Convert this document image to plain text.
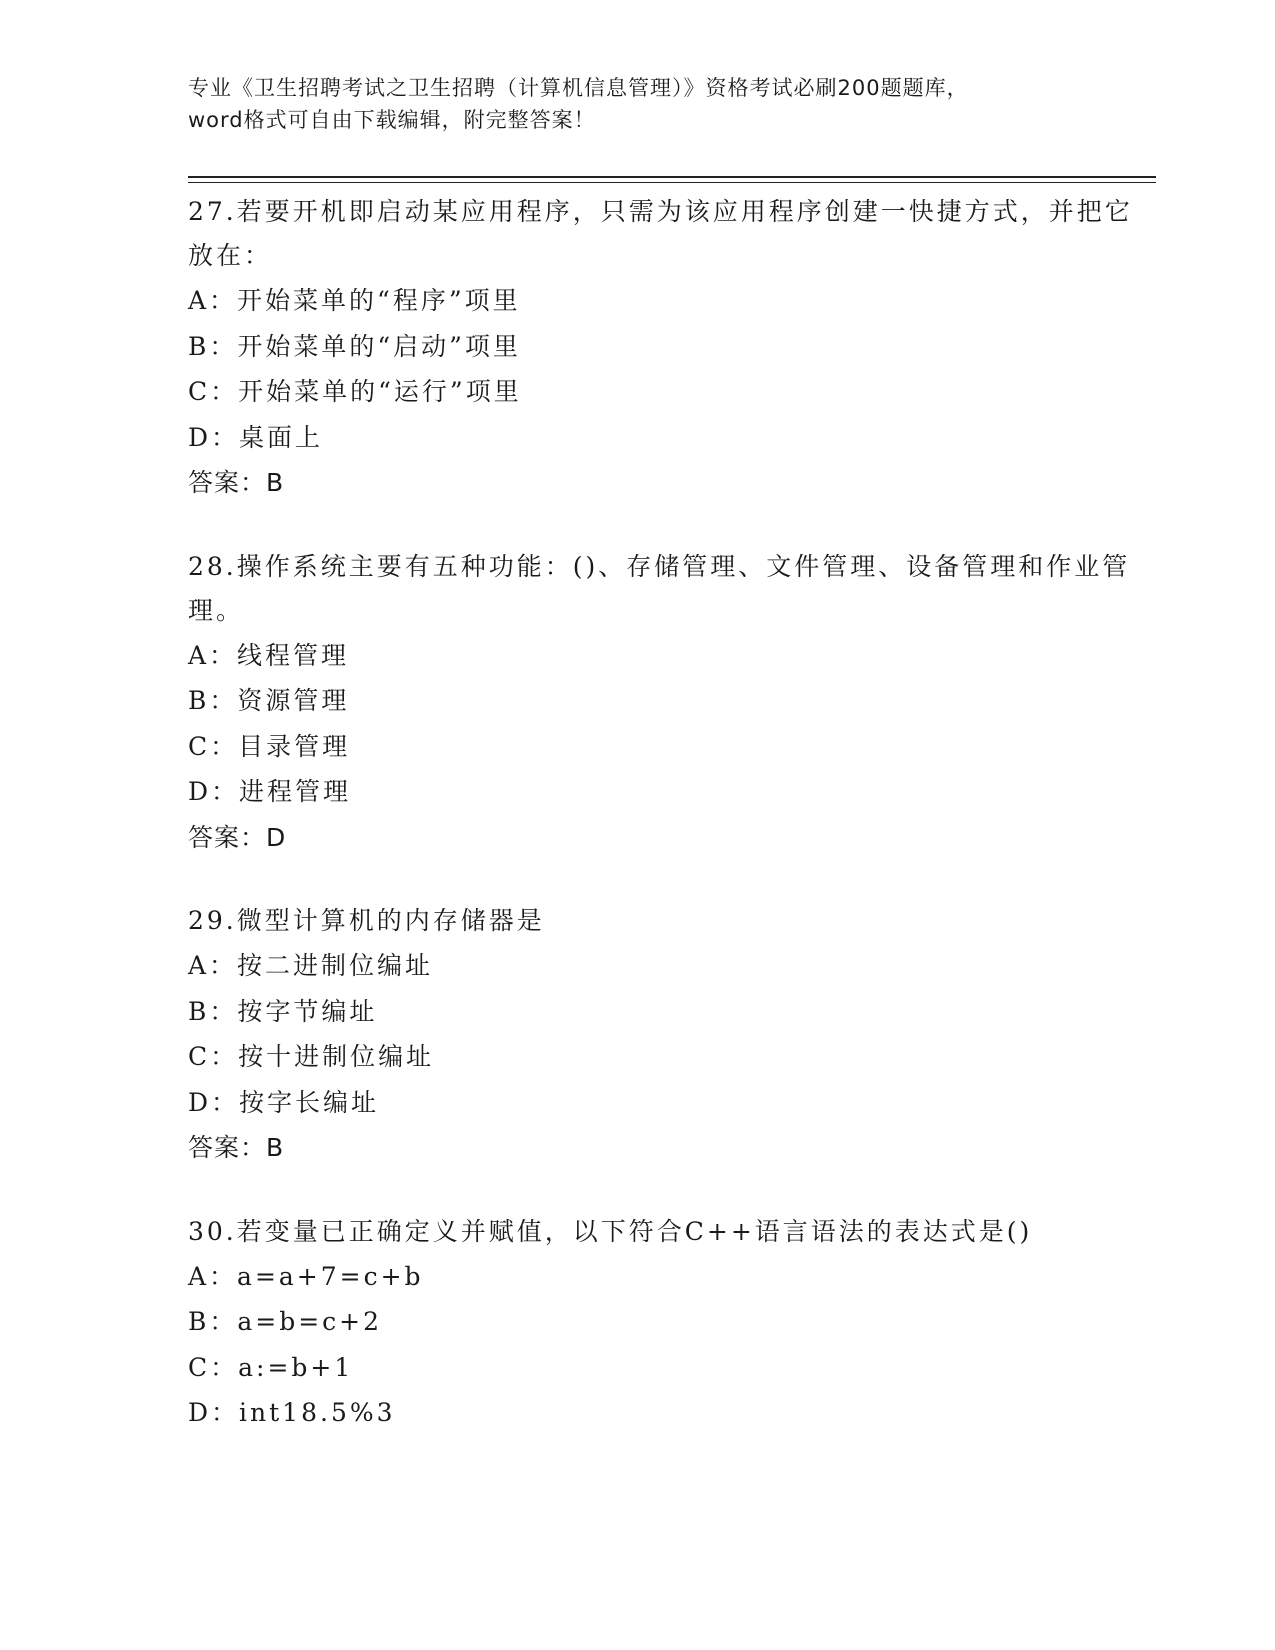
专业《卫生招聘考试之卫生招聘（计算机信息管理）》资格考试必刷200题题库，
word格式可自由下载编辑，附完整答案！
27.若要开机即启动某应用程序，只需为该应用程序创建一快捷方式，并把它放在：
A：开始菜单的“程序”项里
B：开始菜单的“启动”项里
C：开始菜单的“运行”项里
D：桌面上
答案：B
28.操作系统主要有五种功能：()、存储管理、文件管理、设备管理和作业管理。
A：线程管理
B：资源管理
C：目录管理
D：进程管理
答案：D
29.微型计算机的内存储器是
A：按二进制位编址
B：按字节编址
C：按十进制位编址
D：按字长编址
答案：B
30.若变量已正确定义并赋值，以下符合C++语言语法的表达式是()
A：a=a+7=c+b
B：a=b=c+2
C：a:=b+1
D：int18.5%3
